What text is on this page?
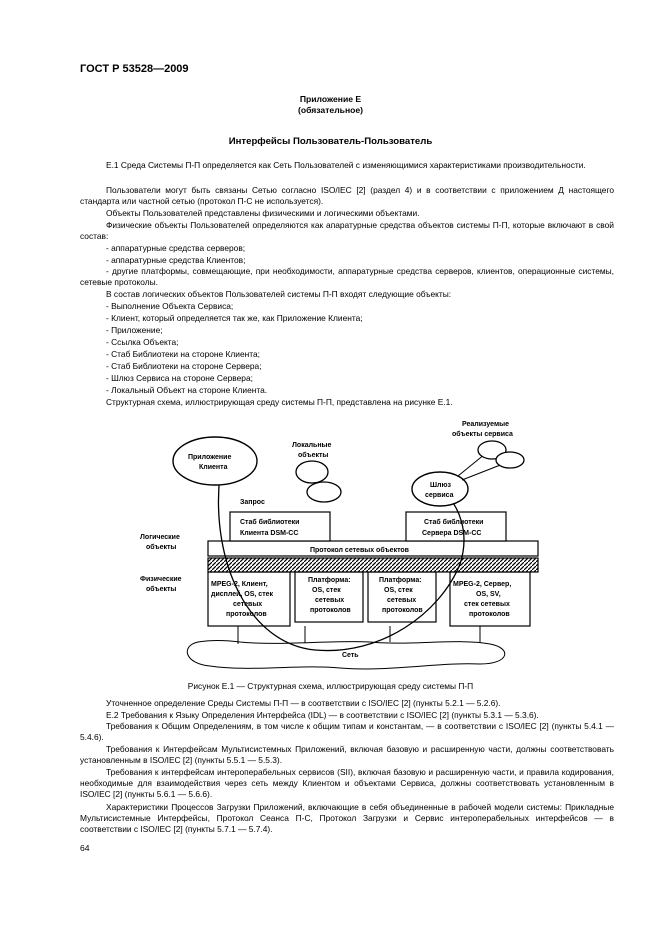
ГОСТ Р 53528—2009
Приложение Е
(обязательное)
Интерфейсы Пользователь-Пользователь

Е.1 Среда Системы П-П определяется как Сеть Пользователей с изменяющимися характеристиками производительности.

Пользователи могут быть связаны Сетью согласно ISO/IEC [2] (раздел 4) и в соответствии с приложением Д настоящего стандарта или частной сетью (протокол П-С не используется).

Объекты Пользователей представлены физическими и логическими объектами.

Физические объекты Пользователей определяются как апаратурные средства объектов системы П-П, которые включают в свой состав:

- аппаратурные средства серверов;

- аппаратурные средства Клиентов;

- другие платформы, совмещающие, при необходимости, аппаратурные средства серверов, клиентов, операционные системы, сетевые протоколы.

В состав логических объектов Пользователей системы П-П входят следующие объекты:

- Выполнение Объекта Сервиса;

- Клиент, который определяется так же, как Приложение Клиента;

- Приложение;

- Ссылка Объекта;

- Стаб Библиотеки на стороне Клиента;

- Стаб Библиотеки на стороне Сервера;

- Шлюз Сервиса на стороне Сервера;

- Локальный Объект на стороне Клиента.

Структурная схема, иллюстрирующая среду системы П-П, представлена на рисунке Е.1.

Сеть
MPEG-2, Клиент,
дисплей, OS, стек
сетевых
протоколов
Платформа:
OS, стек
сетевых
протоколов
Платформа:
OS, стек
сетевых
протоколов
MPEG-2, Сервер,
OS, SV,
стек сетевых
протоколов
Протокол сетевых объектов
Стаб библиотеки
Клиента DSM-CC
Стаб библиотеки
Сервера DSM-CC
Логические
объекты
Физические
объекты
Запрос
Приложение
Клиента
Локальные
объекты
Шлюз
сервиса
Реализуемые
объекты сервиса
Рисунок Е.1 — Структурная схема, иллюстрирующая среду системы П-П

Уточненное определение Среды Системы П-П — в соответствии с ISO/IEC [2] (пункты 5.2.1 — 5.2.6).

Е.2 Требования к Языку Определения Интерфейса (IDL) — в соответствии с ISO/IEC [2] (пункты 5.3.1 — 5.3.6).

Требования к Общим Определениям, в том числе к общим типам и константам, — в соответствии с ISO/IEC [2] (пункты 5.4.1 — 5.4.6).

Требования к Интерфейсам Мультисистемных Приложений, включая базовую и расширенную части, должны соответствовать установленным в ISO/IEC [2] (пункты 5.5.1 — 5.5.3).

Требования к интерфейсам интероперабельных сервисов (SII), включая базовую и расширенную части, и правила кодирования, необходимые для взаимодействия через сеть между Клиентом и объектами Сервиса, должны соответствовать установленным в ISO/IEC [2] (пункты 5.6.1 — 5.6.6).

Характеристики Процессов Загрузки Приложений, включающие в себя объединенные в рабочей модели системы: Прикладные Мультисистемные Интерфейсы, Протокол Сеанса П-С, Протокол Загрузки и Сервис интероперабельных интерфейсов — в соответствии с ISO/IEC [2] (пункты 5.7.1 — 5.7.4).

64
